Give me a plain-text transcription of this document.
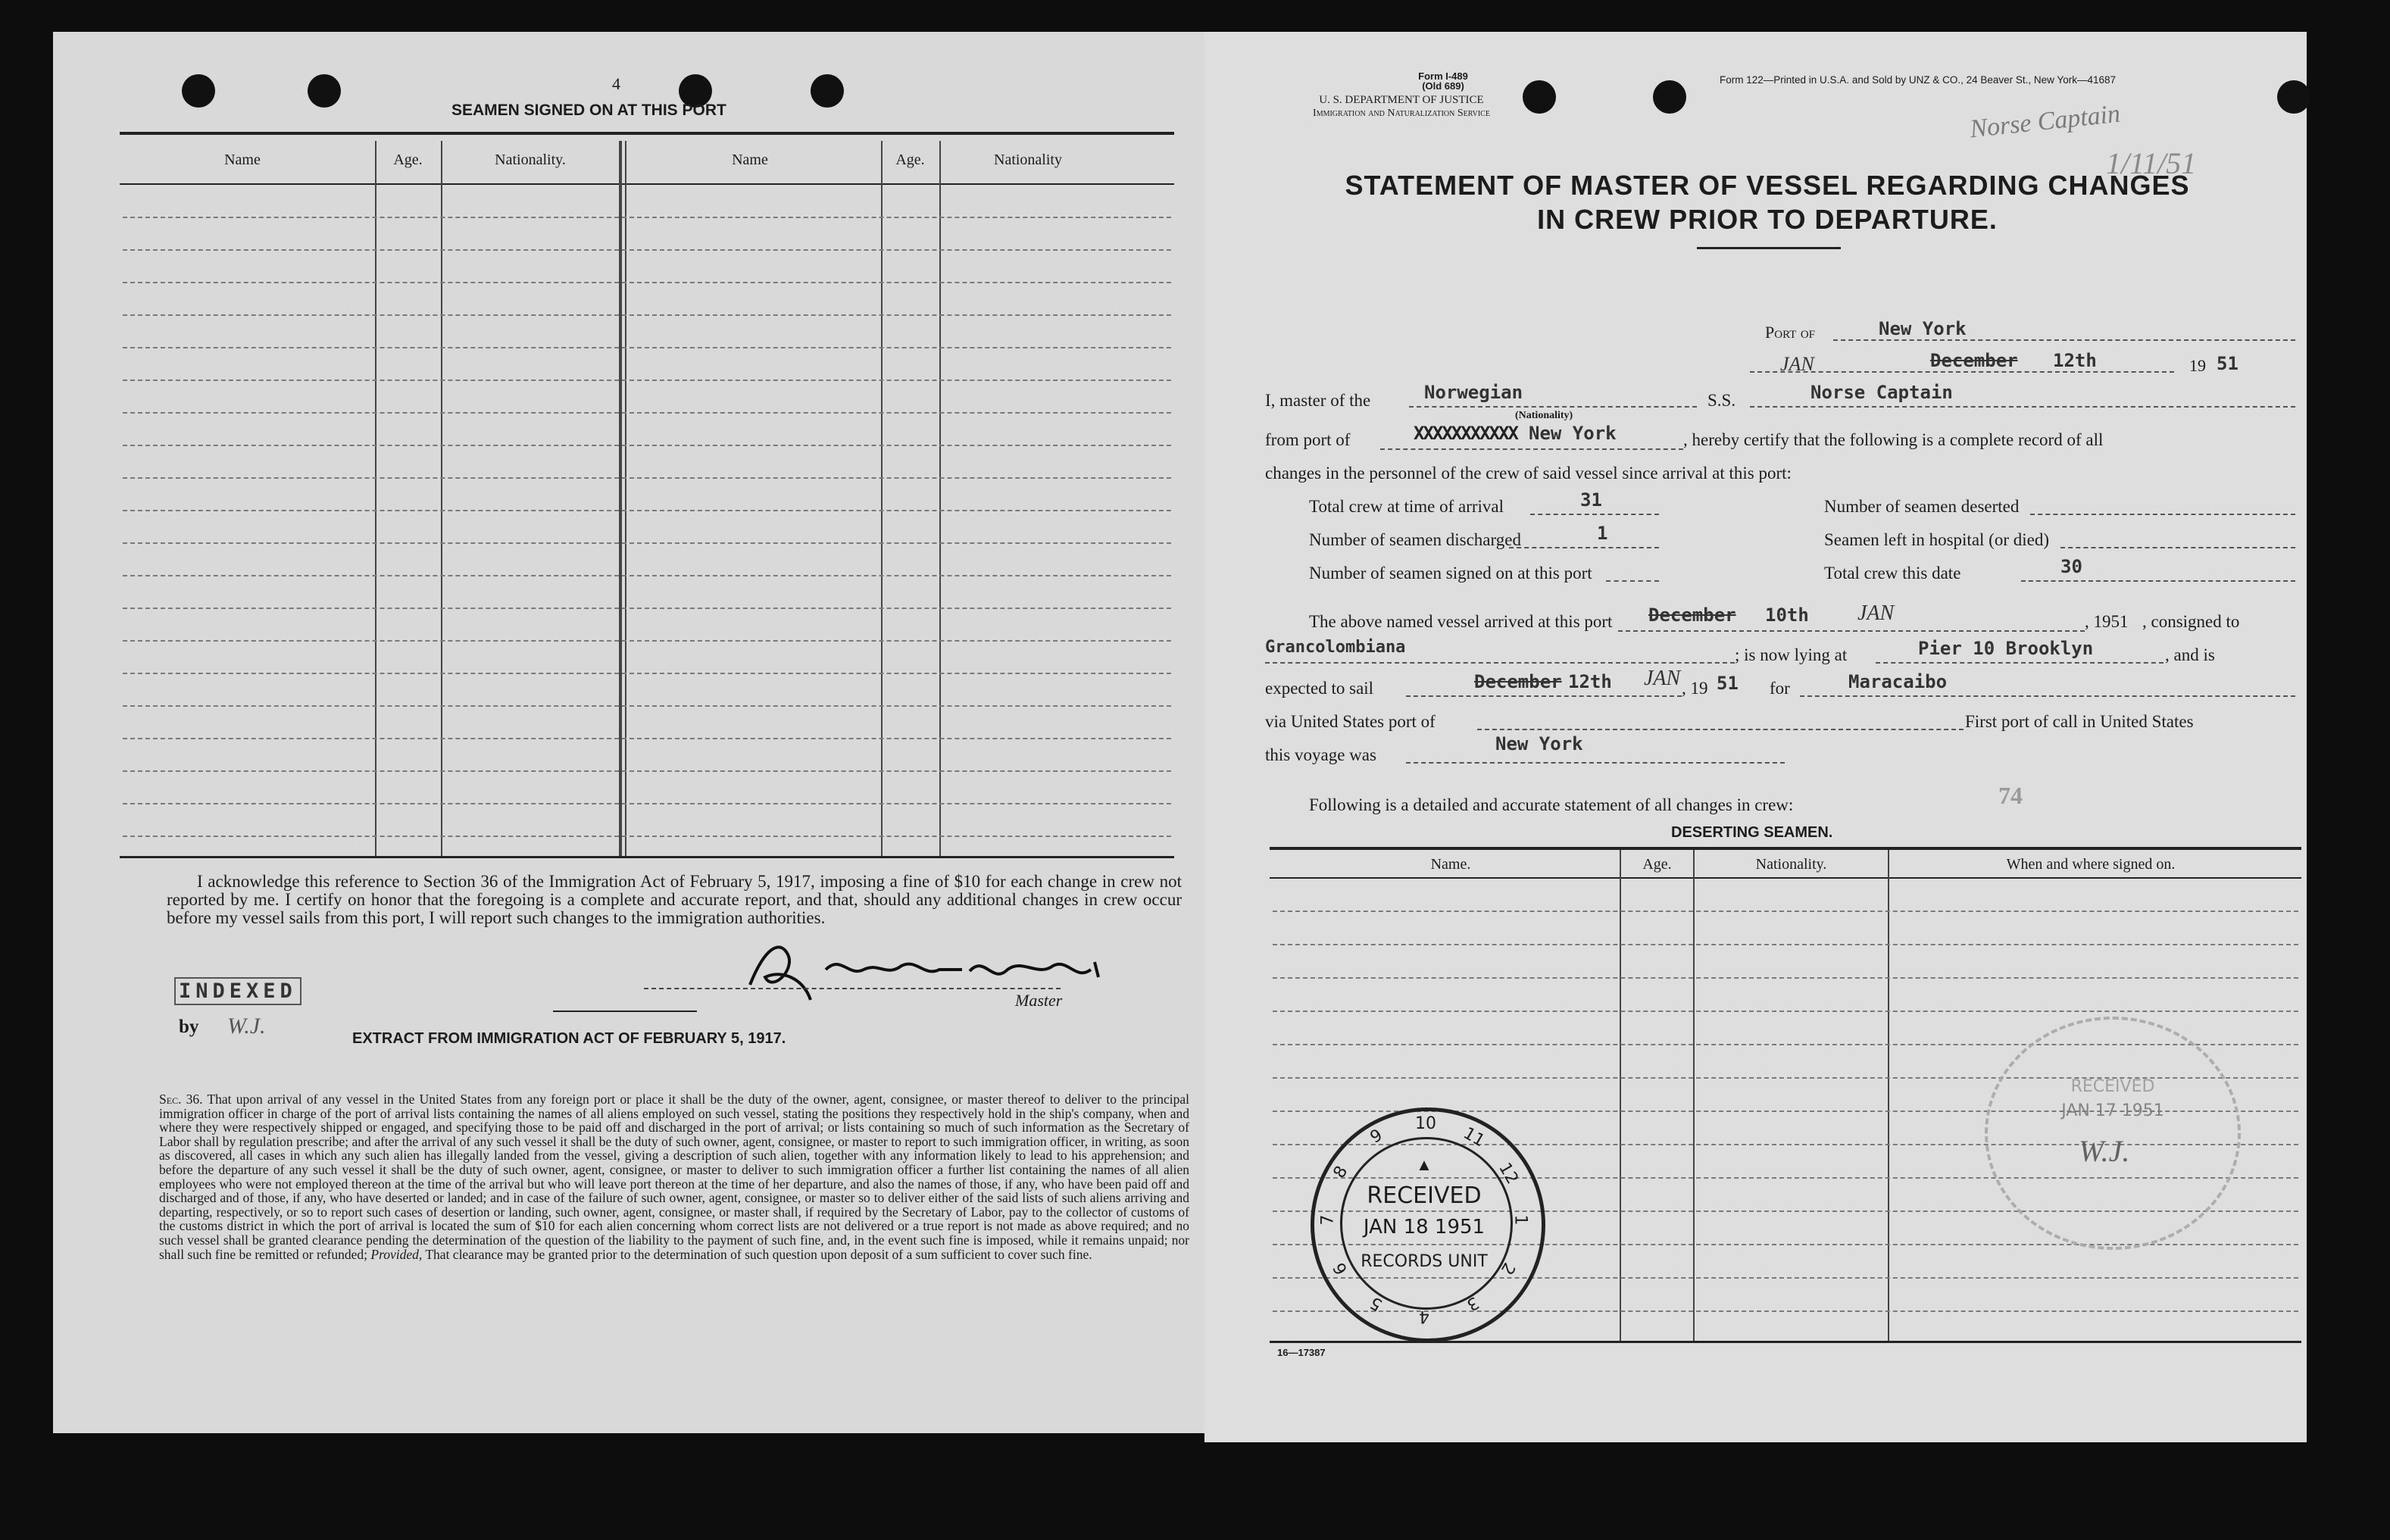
4
SEAMEN SIGNED ON AT THIS PORT
Name	Age.	Nationality.	Name	Age.	Nationality
I acknowledge this reference to Section 36 of the Immigration Act of February 5, 1917, imposing a fine of $10 for each change in crew not reported by me. I certify on honor that the foregoing is a complete and accurate report, and that, should any additional changes in crew occur before my vessel sails from this port, I will report such changes to the immigration authorities.
Master
INDEXED
by W.J.	EXTRACT FROM IMMIGRATION ACT OF FEBRUARY 5, 1917.
Sec. 36. That upon arrival of any vessel in the United States from any foreign port or place it shall be the duty of the owner, agent, consignee, or master thereof to deliver to the principal immigration officer in charge of the port of arrival lists containing the names of all aliens employed on such vessel, stating the positions they respectively hold in the ship's company, when and where they were respectively shipped or engaged, and specifying those to be paid off and discharged in the port of arrival; or lists containing so much of such information as the Secretary of Labor shall by regulation prescribe; and after the arrival of any such vessel it shall be the duty of such owner, agent, consignee, or master to report to such immigration officer, in writing, as soon as discovered, all cases in which any such alien has illegally landed from the vessel, giving a description of such alien, together with any information likely to lead to his apprehension; and before the departure of any such vessel it shall be the duty of such owner, agent, consignee, or master to deliver to such immigration officer a further list containing the names of all alien employees who were not employed thereon at the time of the arrival but who will leave port thereon at the time of her departure, and also the names of those, if any, who have been paid off and discharged and of those, if any, who have deserted or landed; and in case of the failure of such owner, agent, consignee, or master so to deliver either of the said lists of such aliens arriving and departing, respectively, or so to report such cases of desertion or landing, such owner, agent, consignee, or master shall, if required by the Secretary of Labor, pay to the collector of customs of the customs district in which the port of arrival is located the sum of $10 for each alien concerning whom correct lists are not delivered or a true report is not made as above required; and no such vessel shall be granted clearance pending the determination of the question of the liability to the payment of such fine, and, in the event such fine is imposed, while it remains unpaid; nor shall such fine be remitted or refunded; Provided, That clearance may be granted prior to the determination of such question upon deposit of a sum sufficient to cover such fine.
Form I-489
(Old 689)
U. S. DEPARTMENT OF JUSTICE
Immigration and Naturalization Service
Form 122—Printed in U.S.A. and Sold by UNZ & CO., 24 Beaver St., New York—41687
Norse Captain
1/11/51
STATEMENT OF MASTER OF VESSEL REGARDING CHANGES
IN CREW PRIOR TO DEPARTURE.
Port of	New York
JAN	December 12th	19 51
I, master of the	Norwegian
(Nationality)
S.S.	Norse Captain
from port of	XXXXXXXXXXX New York	, hereby certify that the following is a complete record of all
changes in the personnel of the crew of said vessel since arrival at this port:
Total crew at time of arrival	31	Number of seamen deserted
Number of seamen discharged	1	Seamen left in hospital (or died)
Number of seamen signed on at this port	Total crew this date	30
The above named vessel arrived at this port December 10th JAN	, 1951 , consigned to
Grancolombiana	; is now lying at	Pier 10 Brooklyn	, and is
expected to sail	December 12th JAN , 19 51 for	Maracaibo
via United States port of	First port of call in United States
this voyage was
New York
Following is a detailed and accurate statement of all changes in crew:	74
DESERTING SEAMEN.
Name.	Age.	Nationality.	When and where signed on.
16—17387
9
10
11
12
1
2
3
4
5
6
7
8	▲
RECEIVED
JAN 18 1951
RECORDS UNIT
RECEIVED
JAN 17 1951
W.J.
